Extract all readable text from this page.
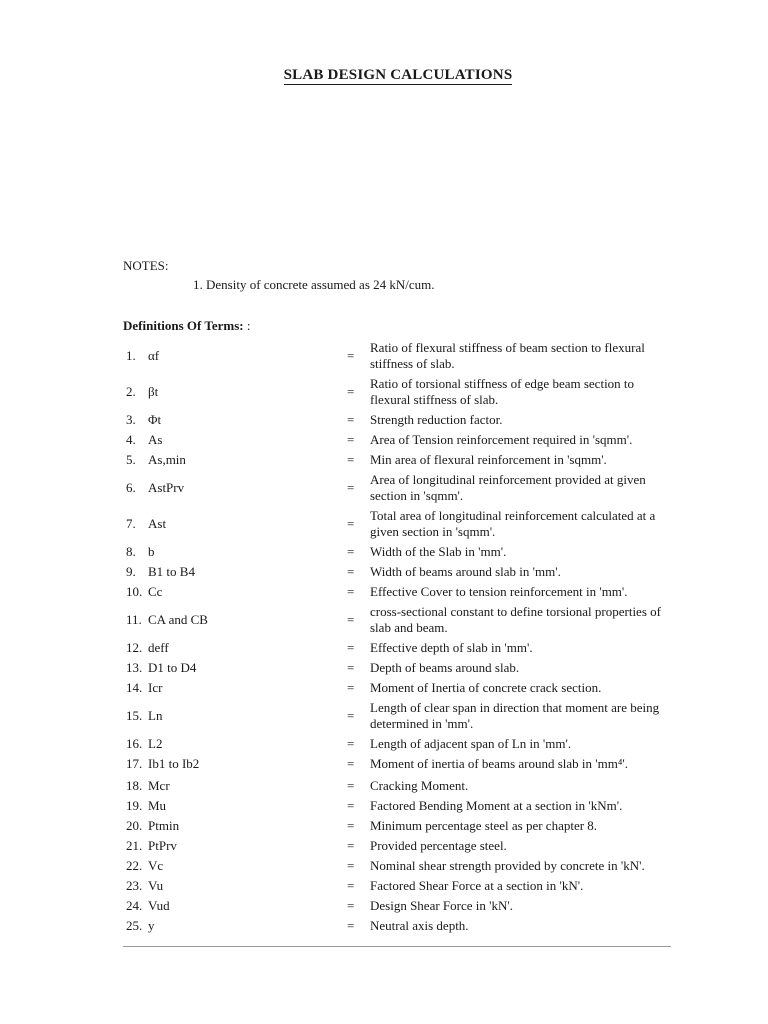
SLAB DESIGN CALCULATIONS
NOTES:
1. Density of concrete assumed as 24 kN/cum.
Definitions Of Terms: :
1. αf	=
Ratio of flexural stiffness of beam section to flexural stiffness of slab.
2. βt	=
Ratio of torsional stiffness of edge beam section to flexural stiffness of slab.
3. Φt	= Strength reduction factor.
4. As	= Area of Tension reinforcement required in 'sqmm'.
5. As,min	= Min area of flexural reinforcement in 'sqmm'.
6. AstPrv	=
Area of longitudinal reinforcement provided at given section in 'sqmm'.
7. Ast	=
Total area of longitudinal reinforcement calculated at a given section in 'sqmm'.
8. b	= Width of the Slab in 'mm'.
9. B1 to B4	= Width of beams around slab in 'mm'.
10. Cc	= Effective Cover to tension reinforcement in 'mm'.
11. CA and CB	=
cross-sectional constant to define torsional properties of slab and beam.
12. deff	= Effective depth of slab in 'mm'.
13. D1 to D4	= Depth of beams around slab.
14. Icr	= Moment of Inertia of concrete crack section.
15. Ln	=
Length of clear span in direction that moment are being determined in 'mm'.
16. L2	= Length of adjacent span of Ln in 'mm'.
17. Ib1 to Ib2	= Moment of inertia of beams around slab in 'mm⁴'.
18. Mcr	= Cracking Moment.
19. Mu	= Factored Bending Moment at a section in 'kNm'.
20. Ptmin	= Minimum percentage steel as per chapter 8.
21. PtPrv	= Provided percentage steel.
22. Vc	= Nominal shear strength provided by concrete in 'kN'.
23. Vu	= Factored Shear Force at a section in 'kN'.
24. Vud	= Design Shear Force in 'kN'.
25. y	= Neutral axis depth.
